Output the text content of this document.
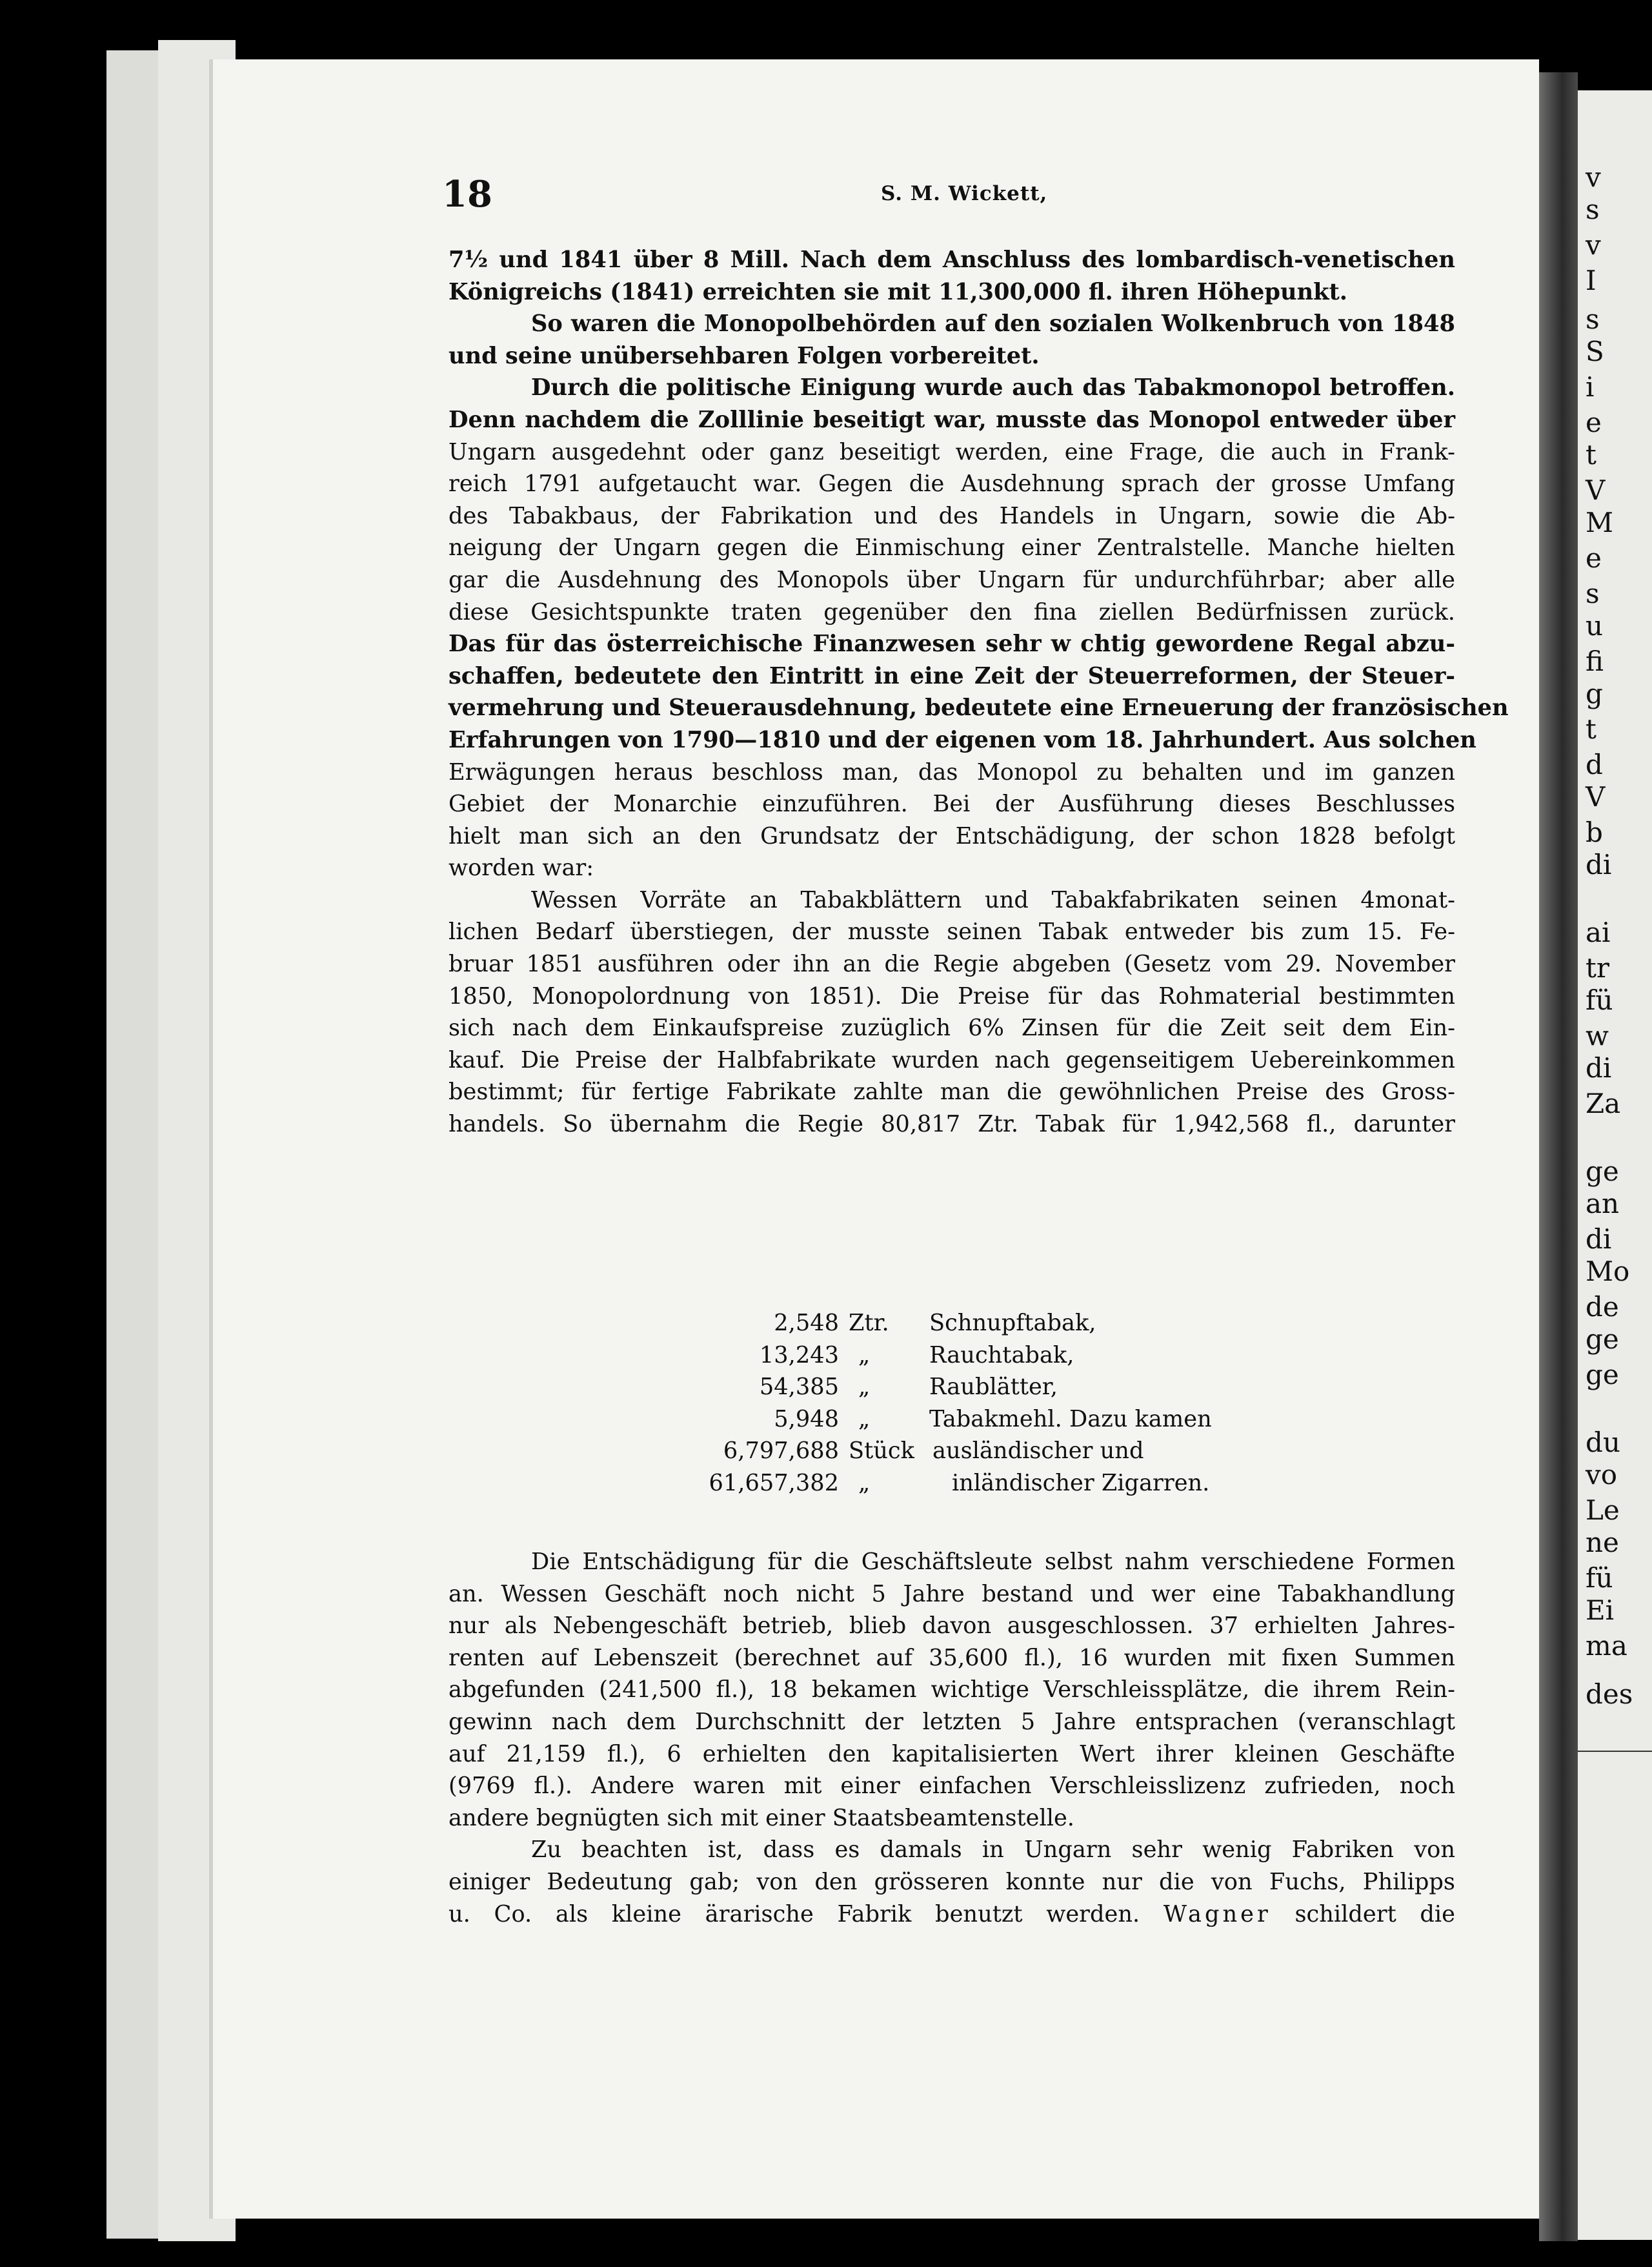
v
s
v
I
s
S
i
e
t
V
M
e
s
u
fi
g
t
d
V
b
di
ai
tr
fü
w
di
Za
ge
an
di
Mo
de
ge
ge
du
vo
Le
ne
fü
Ei
ma
des
18	S. M. Wickett,
7½ und 1841 über 8 Mill. Nach dem Anschluss des lombardisch-venetischen
Königreichs (1841) erreichten sie mit 11,300,000 fl. ihren Höhepunkt.
So waren die Monopolbehörden auf den sozialen Wolkenbruch von 1848
und seine unübersehbaren Folgen vorbereitet.
Durch die politische Einigung wurde auch das Tabakmonopol betroffen.
Denn nachdem die Zolllinie beseitigt war, musste das Monopol entweder über
Ungarn ausgedehnt oder ganz beseitigt werden, eine Frage, die auch in Frank-
reich 1791 aufgetaucht war. Gegen die Ausdehnung sprach der grosse Umfang
des Tabakbaus, der Fabrikation und des Handels in Ungarn, sowie die Ab-
neigung der Ungarn gegen die Einmischung einer Zentralstelle. Manche hielten
gar die Ausdehnung des Monopols über Ungarn für undurchführbar; aber alle
diese Gesichtspunkte traten gegenüber den fina ziellen Bedürfnissen zurück.
Das für das österreichische Finanzwesen sehr w chtig gewordene Regal abzu-
schaffen, bedeutete den Eintritt in eine Zeit der Steuerreformen, der Steuer-
vermehrung und Steuerausdehnung, bedeutete eine Erneuerung der französischen
Erfahrungen von 1790—1810 und der eigenen vom 18. Jahrhundert. Aus solchen
Erwägungen heraus beschloss man, das Monopol zu behalten und im ganzen
Gebiet der Monarchie einzuführen. Bei der Ausführung dieses Beschlusses
hielt man sich an den Grundsatz der Entschädigung, der schon 1828 befolgt
worden war:
Wessen Vorräte an Tabakblättern und Tabakfabrikaten seinen 4monat-
lichen Bedarf überstiegen, der musste seinen Tabak entweder bis zum 15. Fe-
bruar 1851 ausführen oder ihn an die Regie abgeben (Gesetz vom 29. November
1850, Monopolordnung von 1851). Die Preise für das Rohmaterial bestimmten
sich nach dem Einkaufspreise zuzüglich 6% Zinsen für die Zeit seit dem Ein-
kauf. Die Preise der Halbfabrikate wurden nach gegenseitigem Uebereinkommen
bestimmt; für fertige Fabrikate zahlte man die gewöhnlichen Preise des Gross-
handels. So übernahm die Regie 80,817 Ztr. Tabak für 1,942,568 fl., darunter
2,548 Ztr. Schnupftabak,
13,243 „	Rauchtabak,
54,385 „	Raublätter,
5,948 „	Tabakmehl. Dazu kamen
6,797,688 Stück ausländischer und
61,657,382 „	inländischer Zigarren.
Die Entschädigung für die Geschäftsleute selbst nahm verschiedene Formen
an. Wessen Geschäft noch nicht 5 Jahre bestand und wer eine Tabakhandlung
nur als Nebengeschäft betrieb, blieb davon ausgeschlossen. 37 erhielten Jahres-
renten auf Lebenszeit (berechnet auf 35,600 fl.), 16 wurden mit fixen Summen
abgefunden (241,500 fl.), 18 bekamen wichtige Verschleissplätze, die ihrem Rein-
gewinn nach dem Durchschnitt der letzten 5 Jahre entsprachen (veranschlagt
auf 21,159 fl.), 6 erhielten den kapitalisierten Wert ihrer kleinen Geschäfte
(9769 fl.). Andere waren mit einer einfachen Verschleisslizenz zufrieden, noch
andere begnügten sich mit einer Staatsbeamtenstelle.
Zu beachten ist, dass es damals in Ungarn sehr wenig Fabriken von
einiger Bedeutung gab; von den grösseren konnte nur die von Fuchs, Philipps
u. Co. als kleine ärarische Fabrik benutzt werden. Wagner schildert die
